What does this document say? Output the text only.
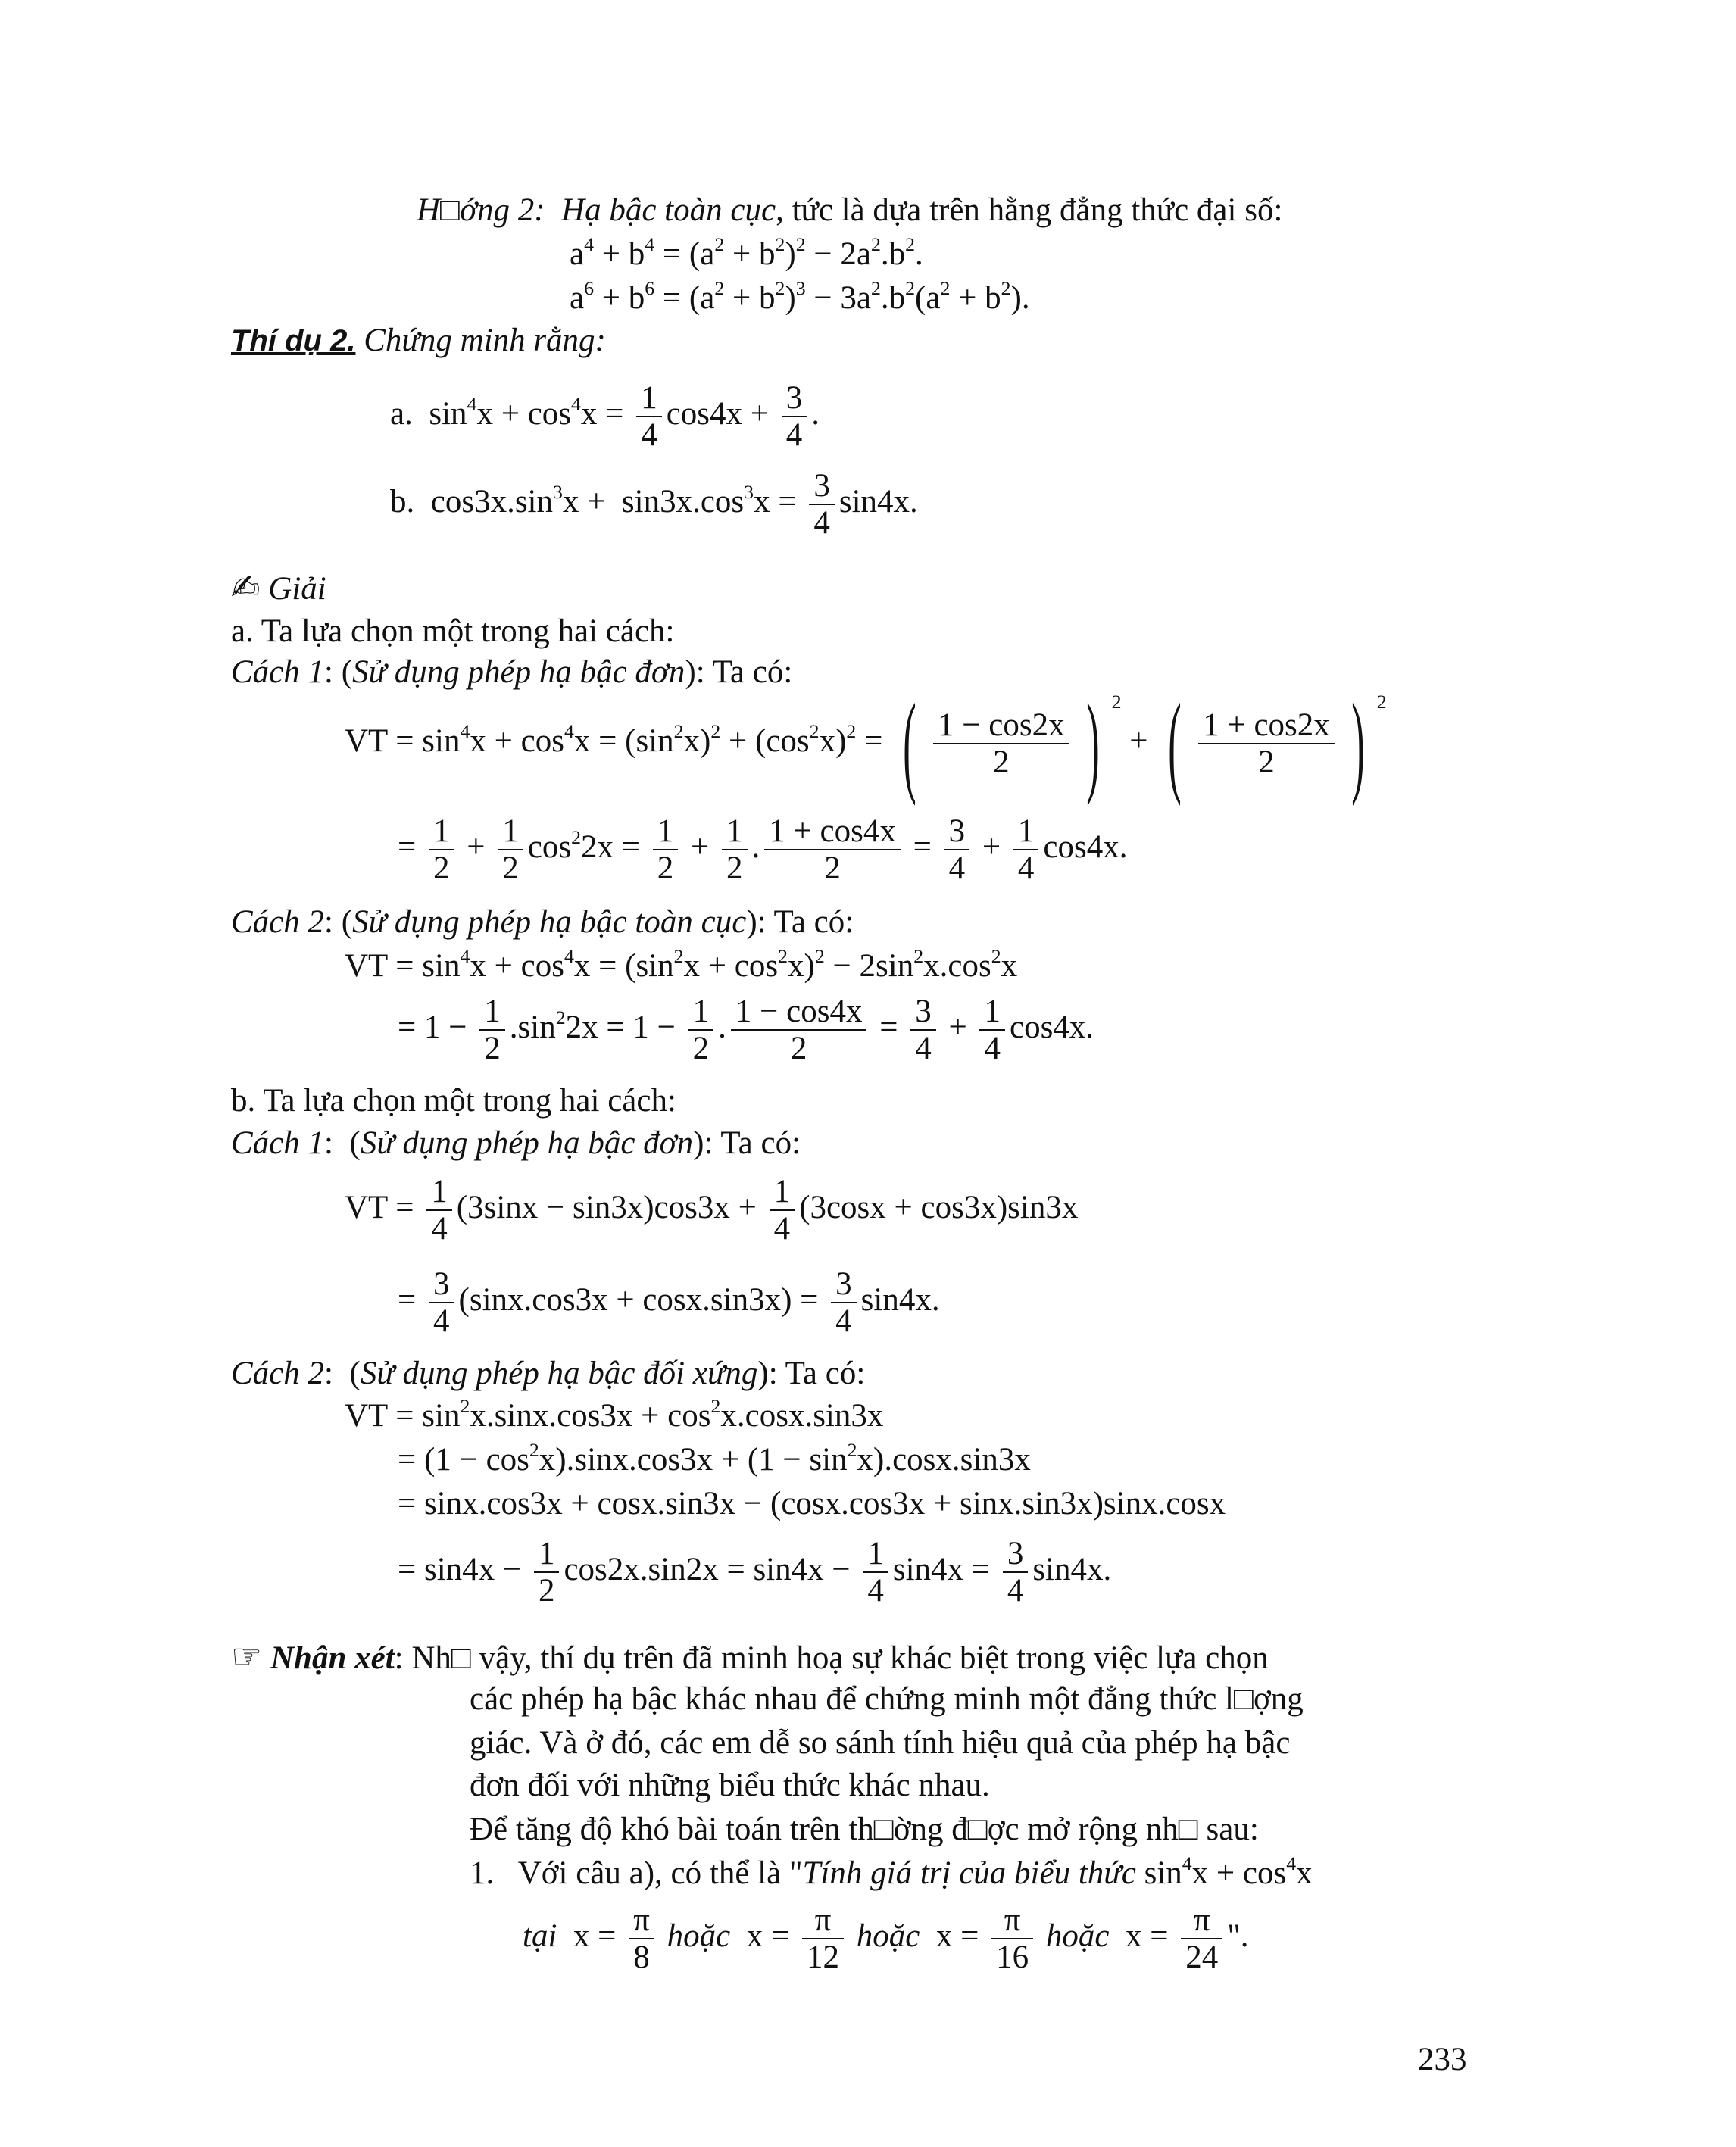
H□ớng 2: Hạ bậc toàn cục, tức là dựa trên hằng đẳng thức đại số:
$a^4 + b^4 = (a^2 + b^2)^2 - 2a^2.b^2$.
$a^6 + b^6 = (a^2 + b^2)^3 - 3a^2.b^2(a^2 + b^2)$.
Thí dụ 2. Chứng minh rằng:
a.  $\sin^4x + \cos^4x = \frac{1}{4} \cos 4x + \frac{3}{4}$ .
b.  $\cos 3x.\sin^3x + \sin 3x.\cos^3x = \frac{3}{4} \sin 4x$.
✍ Giải
a. Ta lựa chọn một trong hai cách:
Cách 1: (Sử dụng phép hạ bậc đơn): Ta có:
VT = $\sin^4x + \cos^4x = (\sin^2x)^2 + (\cos^2x)^2$ = ( $\frac{1 - \cos 2x}{2}$ ) $^2$ + ( $\frac{1 + \cos 2x}{2}$ ) $^2$
= $\frac{1}{2} + \frac{1}{2} \cos^22x = \frac{1}{2} + \frac{1}{2}$ . $\frac{1 + \cos 4x}{2} = \frac{3}{4} + \frac{1}{4} \cos 4x$.
Cách 2: (Sử dụng phép hạ bậc toàn cục): Ta có:
VT = $\sin^4x + \cos^4x = (\sin^2x + \cos^2x)^2 - 2\sin^2x.\cos^2x$
= $1 - \frac{1}{2} .\sin^22x = 1 - \frac{1}{2}$ . $\frac{1 - \cos 4x}{2} = \frac{3}{4} + \frac{1}{4} \cos 4x$.
b. Ta lựa chọn một trong hai cách:
Cách 1:  (Sử dụng phép hạ bậc đơn): Ta có:
VT = $\frac{1}{4} (3\sin x - \sin 3x)\cos 3x + \frac{1}{4} (3\cos x + \cos 3x)\sin 3x$
= $\frac{3}{4} (\sin x.\cos 3x + \cos x.\sin 3x) = \frac{3}{4} \sin 4x$.
Cách 2:  (Sử dụng phép hạ bậc đối xứng): Ta có:
VT = $\sin^2x.\sin x.\cos 3x + \cos^2x.\cos x.\sin 3x$
= $(1 - \cos^2x).\sin x.\cos 3x + (1 - \sin^2x).\cos x.\sin 3x$
= sinx.cos3x + cosx.sin3x − (cosx.cos3x + sinx.sin3x)sinx.cosx
= $\sin 4x - \frac{1}{2} \cos 2x.\sin 2x = \sin 4x - \frac{1}{4} \sin 4x = \frac{3}{4} \sin 4x$.
☞ Nhận xét: Nh□ vậy, thí dụ trên đã minh hoạ sự khác biệt trong việc lựa chọn
các phép hạ bậc khác nhau để chứng minh một đẳng thức l□ợng
giác. Và ở đó, các em dễ so sánh tính hiệu quả của phép hạ bậc
đơn đối với những biểu thức khác nhau.
Để tăng độ khó bài toán trên th□ờng đ□ợc mở rộng nh□ sau:
1. Với câu a), có thể là "Tính giá trị của biểu thức $\sin^4x + \cos^4x$
tại  $x = \frac{\pi}{8}$ hoặc  $x = \frac{\pi}{12}$ hoặc  $x = \frac{\pi}{16}$ hoặc  $x = \frac{\pi}{24}$ ".
233
